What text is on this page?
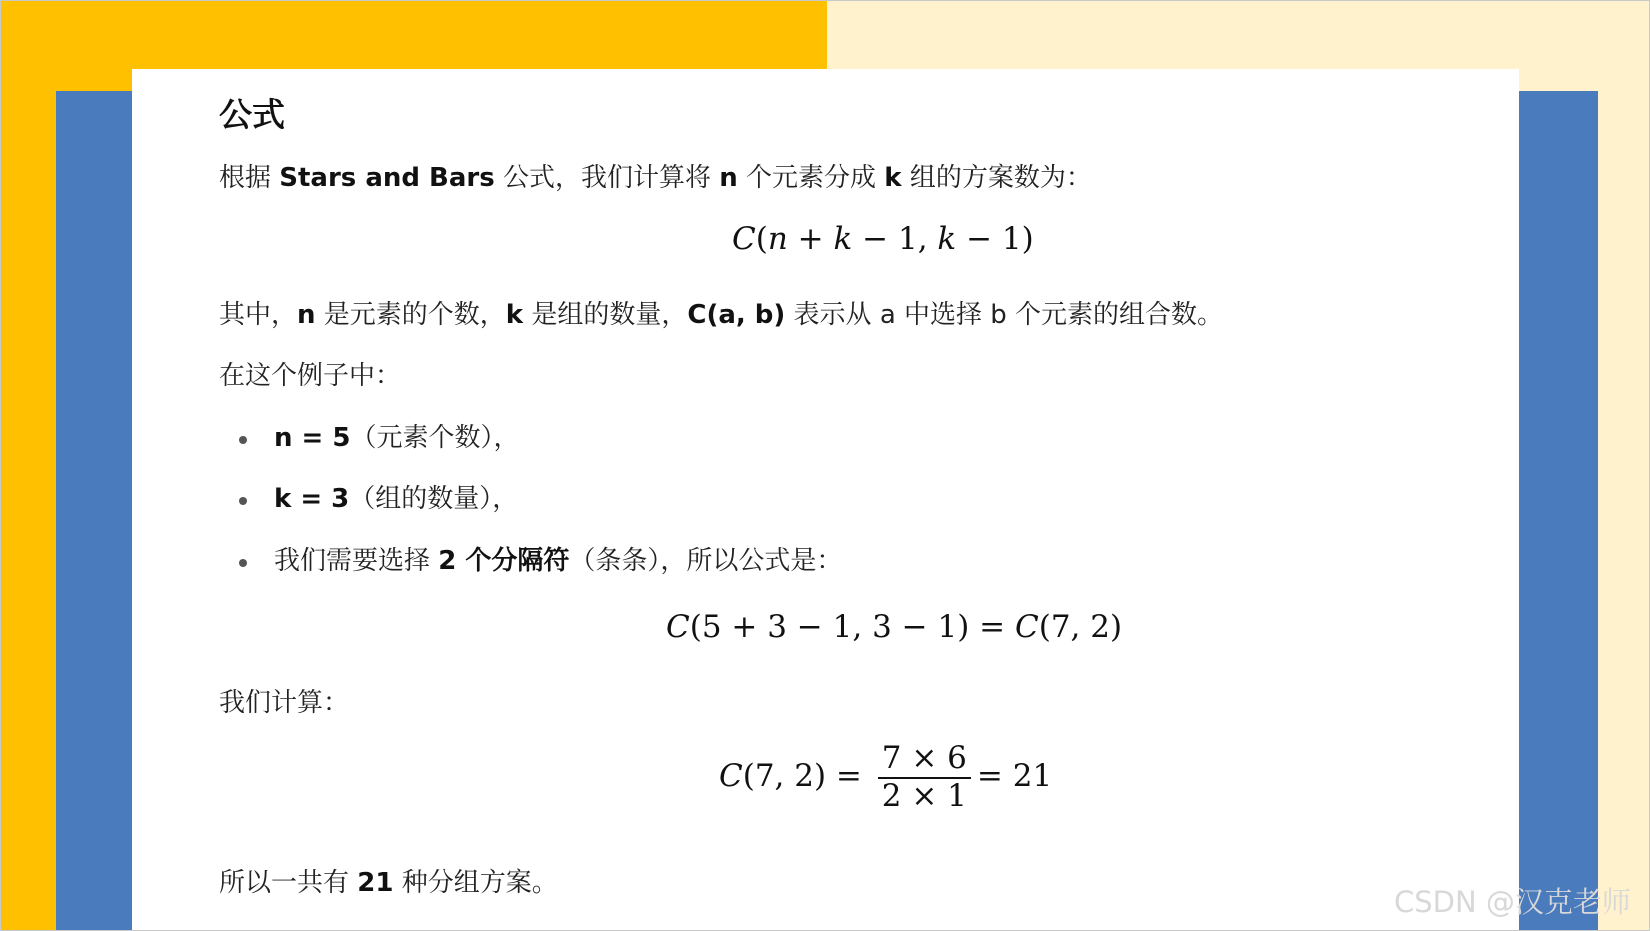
公式
根据 Stars and Bars 公式，我们计算将 n 个元素分成 k 组的方案数为：
C(n + k − 1, k − 1)
其中，n 是元素的个数，k 是组的数量，C(a, b) 表示从 a 中选择 b 个元素的组合数。
在这个例子中：
n = 5（元素个数），
k = 3（组的数量），
我们需要选择 2 个分隔符（条条），所以公式是：
C(5 + 3 − 1, 3 − 1) = C(7, 2)
我们计算：
C(7, $2) = \frac{7 \times 6}{2 \times 1} = 21$
所以一共有 21 种分组方案。
CSDN @汉克老师
